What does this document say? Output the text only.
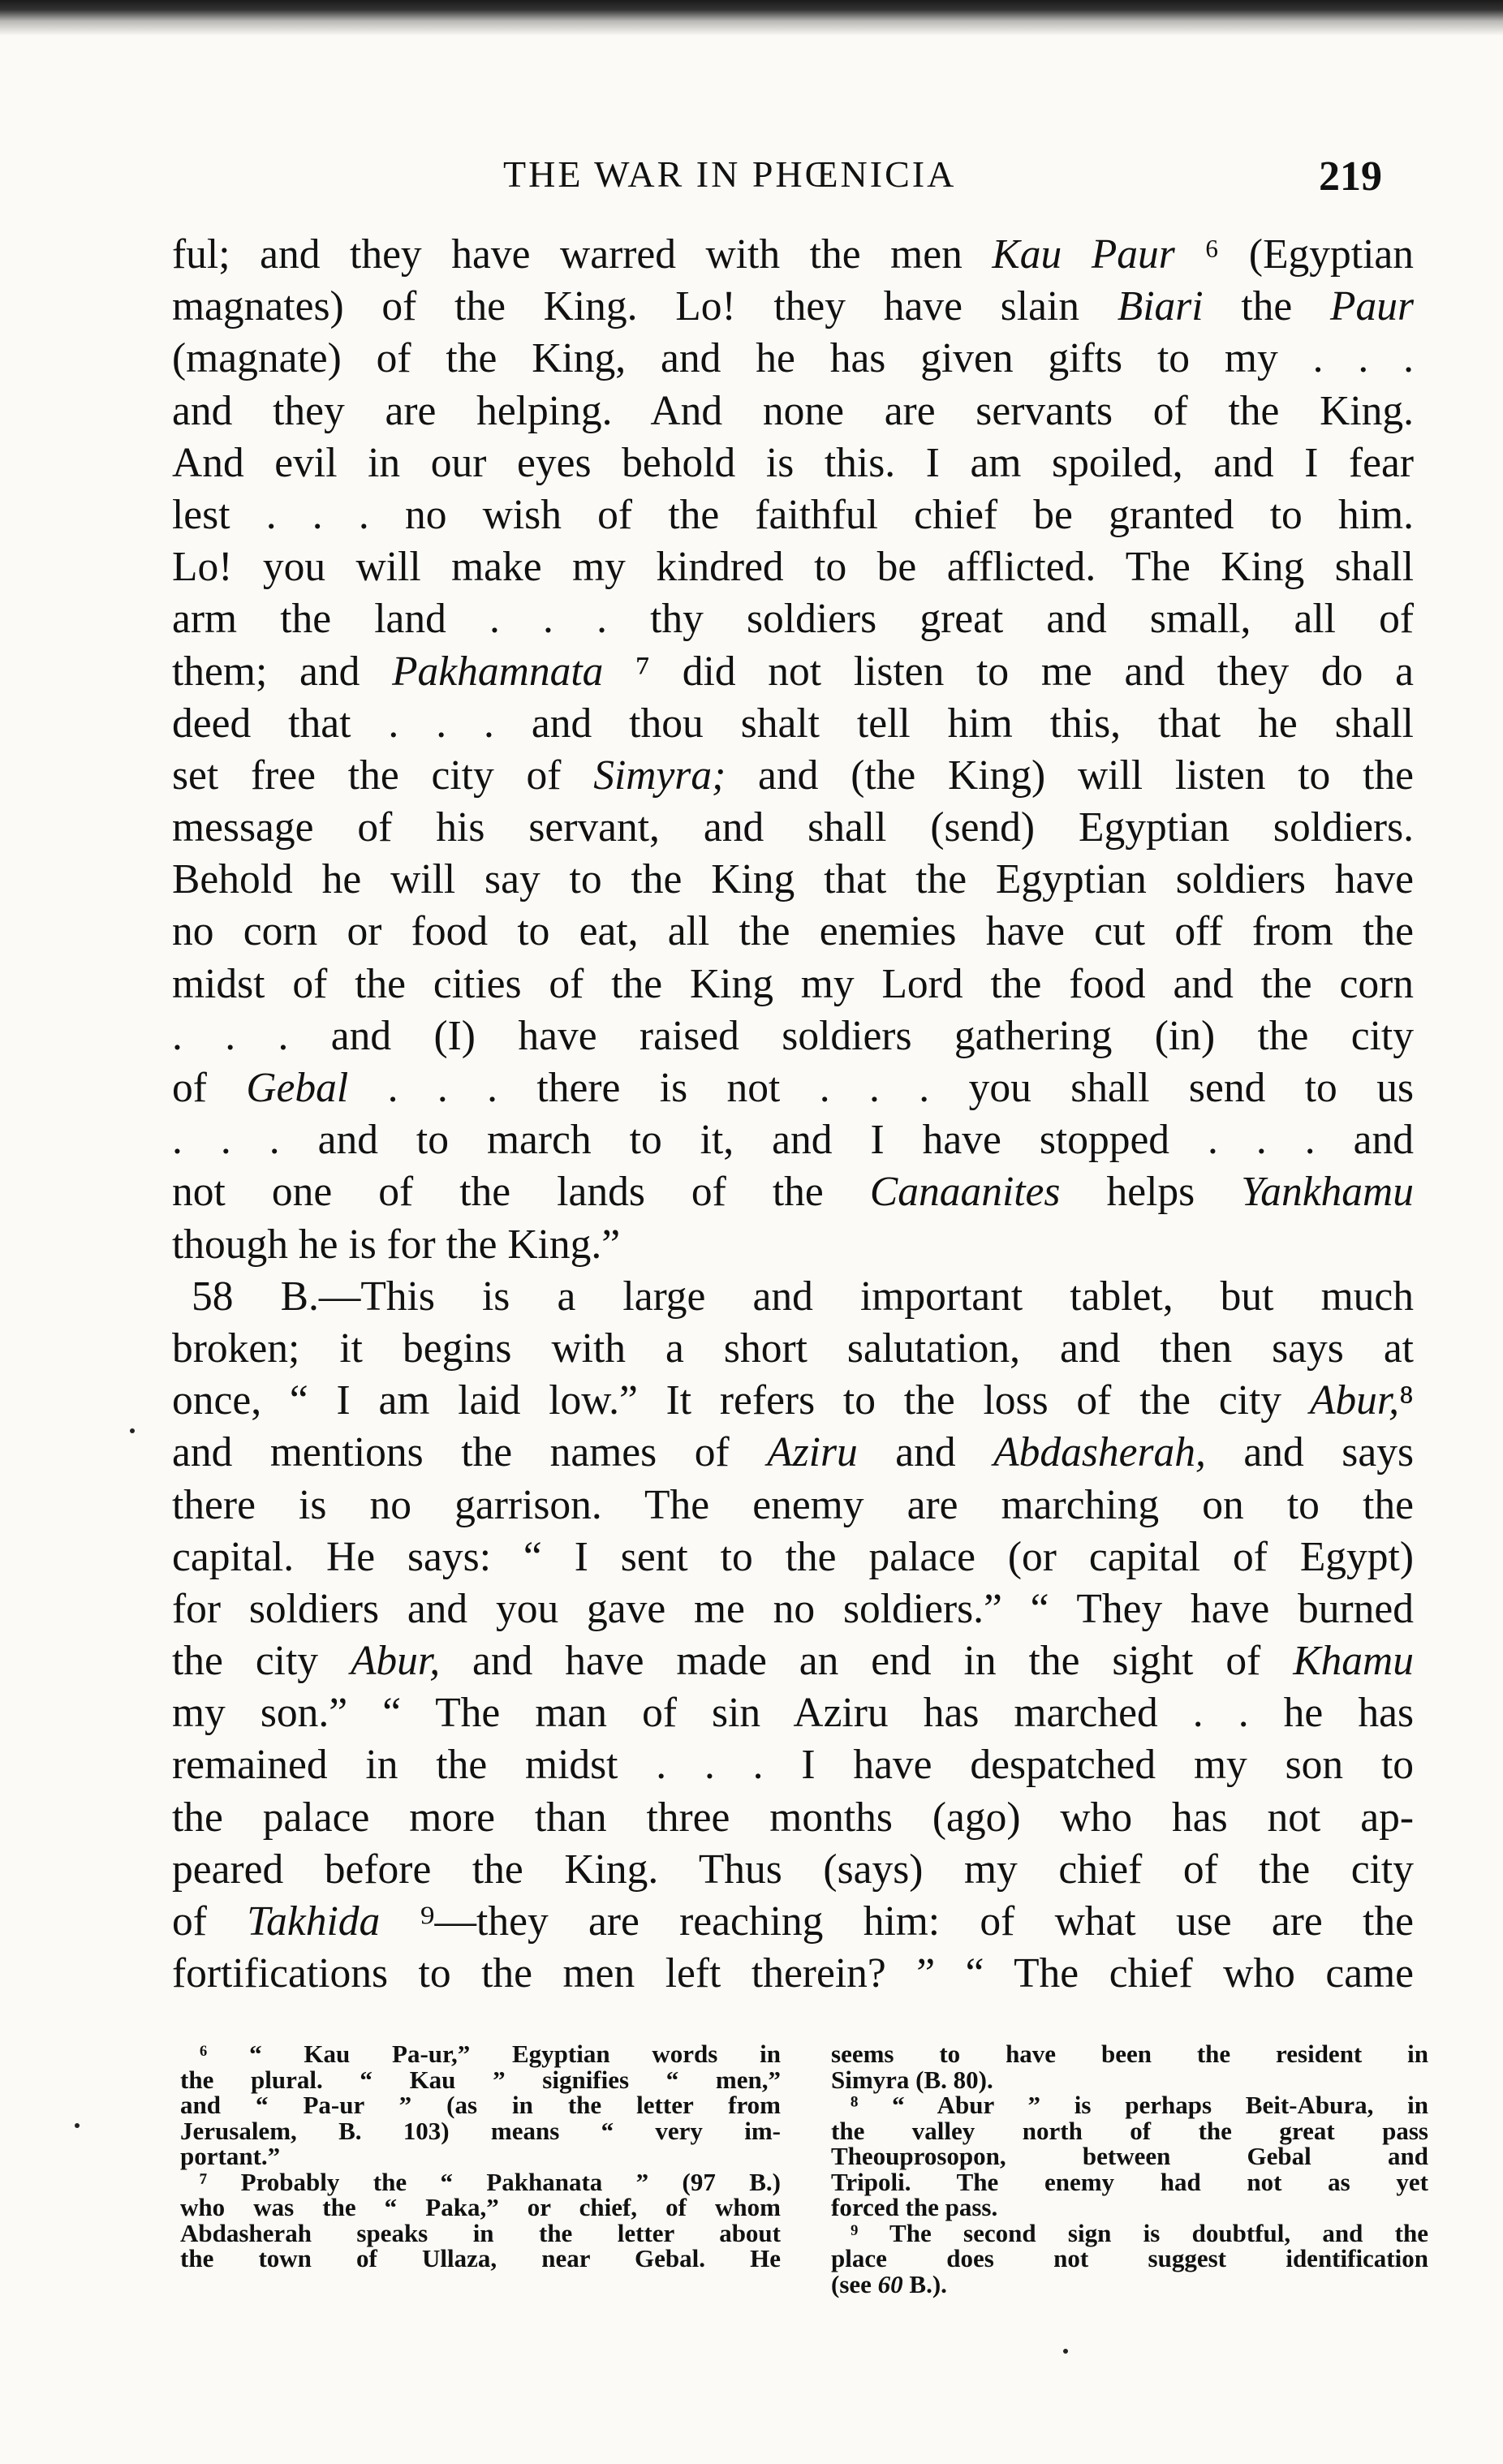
THE WAR IN PHŒNICIA	219
ful; and they have warred with the men Kau Paur ⁶ (Egyptian
magnates) of the King. Lo! they have slain Biari the Paur
(magnate) of the King, and he has given gifts to my . . .
and they are helping. And none are servants of the King.
And evil in our eyes behold is this. I am spoiled, and I fear
lest . . . no wish of the faithful chief be granted to him.
Lo! you will make my kindred to be afflicted. The King shall
arm the land . . . thy soldiers great and small, all of
them; and Pakhamnata ⁷ did not listen to me and they do a
deed that . . . and thou shalt tell him this, that he shall
set free the city of Simyra; and (the King) will listen to the
message of his servant, and shall (send) Egyptian soldiers.
Behold he will say to the King that the Egyptian soldiers have
no corn or food to eat, all the enemies have cut off from the
midst of the cities of the King my Lord the food and the corn
. . . and (I) have raised soldiers gathering (in) the city
of Gebal . . . there is not . . . you shall send to us
. . . and to march to it, and I have stopped . . . and
not one of the lands of the Canaanites helps Yankhamu
though he is for the King.”
58 B.—This is a large and important tablet, but much
broken; it begins with a short salutation, and then says at
once, “ I am laid low.” It refers to the loss of the city Abur,⁸
and mentions the names of Aziru and Abdasherah, and says
there is no garrison. The enemy are marching on to the
capital. He says: “ I sent to the palace (or capital of Egypt)
for soldiers and you gave me no soldiers.” “ They have burned
the city Abur, and have made an end in the sight of Khamu
my son.” “ The man of sin Aziru has marched . . he has
remained in the midst . . . I have despatched my son to
the palace more than three months (ago) who has not ap-
peared before the King. Thus (says) my chief of the city
of Takhida ⁹—they are reaching him: of what use are the
fortifications to the men left therein? ” “ The chief who came
⁶ “ Kau Pa-ur,” Egyptian words in
the plural. “ Kau ” signifies “ men,”
and “ Pa-ur ” (as in the letter from
Jerusalem, B. 103) means “ very im-
portant.”
⁷ Probably the “ Pakhanata ” (97 B.)
who was the “ Paka,” or chief, of whom
Abdasherah speaks in the letter about
the town of Ullaza, near Gebal. He
seems to have been the resident in
Simyra (B. 80).
⁸ “ Abur ” is perhaps Beit-Abura, in
the valley north of the great pass
Theouprosopon, between Gebal and
Tripoli. The enemy had not as yet
forced the pass.
⁹ The second sign is doubtful, and the
place does not suggest identification
(see 60 B.).
